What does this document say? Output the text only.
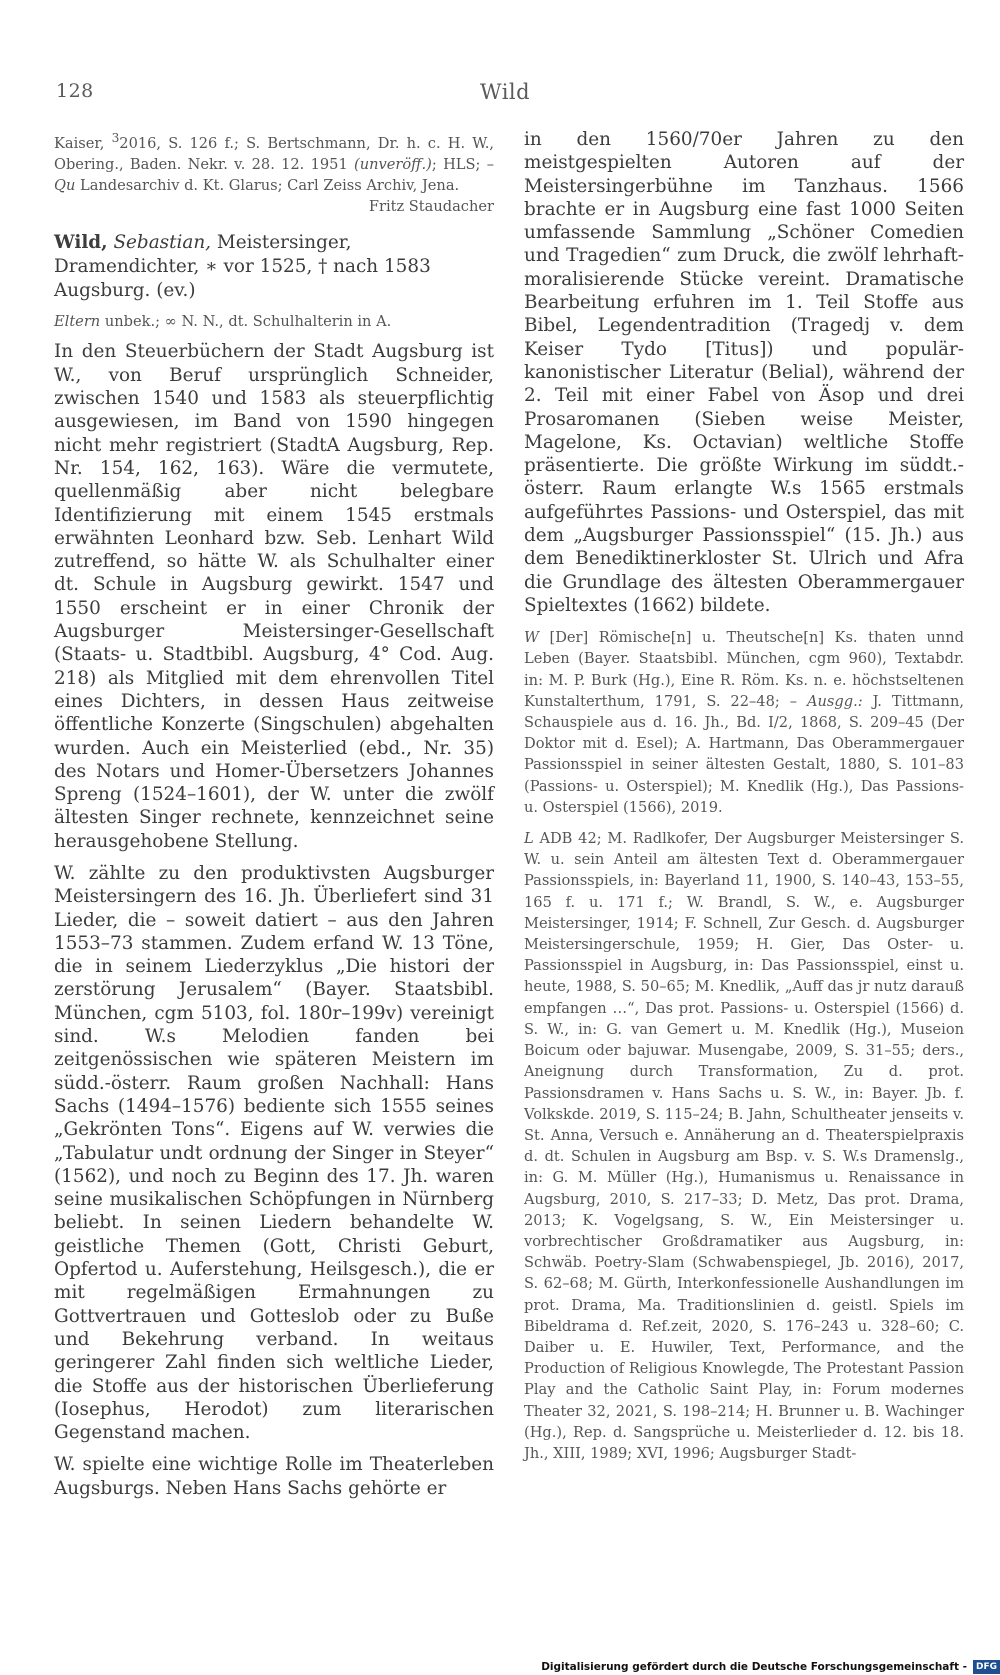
128	Wild

Kaiser, $^3$2016, S. 126 f.; S. Bertschmann, Dr. h. c. H. W., Obering., Baden. Nekr. v. 28. 12. 1951 (unveröff.); HLS; – Qu Landesarchiv d. Kt. Glarus; Carl Zeiss Archiv, Jena.

Fritz Staudacher

Wild, Sebastian, Meistersinger, Dramendichter, ∗ vor 1525, † nach 1583 Augsburg. (ev.)

Eltern unbek.; ∞ N. N., dt. Schulhalterin in A.

In den Steuerbüchern der Stadt Augsburg ist W., von Beruf ursprünglich Schneider, zwischen 1540 und 1583 als steuerpflichtig ausgewiesen, im Band von 1590 hingegen nicht mehr registriert (StadtA Augsburg, Rep. Nr. 154, 162, 163). Wäre die vermutete, quellenmäßig aber nicht belegbare Identifizierung mit einem 1545 erstmals erwähnten Leonhard bzw. Seb. Lenhart Wild zutreffend, so hätte W. als Schulhalter einer dt. Schule in Augsburg gewirkt. 1547 und 1550 erscheint er in einer Chronik der Augsburger Meistersinger-Gesellschaft (Staats- u. Stadtbibl. Augsburg, 4° Cod. Aug. 218) als Mitglied mit dem ehrenvollen Titel eines Dichters, in dessen Haus zeitweise öffentliche Konzerte (Singschulen) abgehalten wurden. Auch ein Meisterlied (ebd., Nr. 35) des Notars und Homer-Übersetzers Johannes Spreng (1524–1601), der W. unter die zwölf ältesten Singer rechnete, kennzeichnet seine herausgehobene Stellung.

W. zählte zu den produktivsten Augsburger Meistersingern des 16. Jh. Überliefert sind 31 Lieder, die – soweit datiert – aus den Jahren 1553–73 stammen. Zudem erfand W. 13 Töne, die in seinem Liederzyklus „Die histori der zerstörung Jerusalem“ (Bayer. Staatsbibl. München, cgm 5103, fol. 180r–199v) vereinigt sind. W.s Melodien fanden bei zeitgenössischen wie späteren Meistern im südd.-österr. Raum großen Nachhall: Hans Sachs (1494–1576) bediente sich 1555 seines „Gekrönten Tons“. Eigens auf W. verwies die „Tabulatur undt ordnung der Singer in Steyer“ (1562), und noch zu Beginn des 17. Jh. waren seine musikalischen Schöpfungen in Nürnberg beliebt. In seinen Liedern behandelte W. geistliche Themen (Gott, Christi Geburt, Opfertod u. Auferstehung, Heilsgesch.), die er mit regelmäßigen Ermahnungen zu Gottvertrauen und Gotteslob oder zu Buße und Bekehrung verband. In weitaus geringerer Zahl finden sich weltliche Lieder, die Stoffe aus der historischen Überlieferung (Iosephus, Herodot) zum literarischen Gegenstand machen.

W. spielte eine wichtige Rolle im Theaterleben Augsburgs. Neben Hans Sachs gehörte er

in den 1560/70er Jahren zu den meistgespielten Autoren auf der Meistersingerbühne im Tanzhaus. 1566 brachte er in Augsburg eine fast 1000 Seiten umfassende Sammlung „Schöner Comedien und Tragedien“ zum Druck, die zwölf lehrhaft-moralisierende Stücke vereint. Dramatische Bearbeitung erfuhren im 1. Teil Stoffe aus Bibel, Legendentradition (Tragedj v. dem Keiser Tydo [Titus]) und populär-kanonistischer Literatur (Belial), während der 2. Teil mit einer Fabel von Äsop und drei Prosaromanen (Sieben weise Meister, Magelone, Ks. Octavian) weltliche Stoffe präsentierte. Die größte Wirkung im süddt.-österr. Raum erlangte W.s 1565 erstmals aufgeführtes Passions- und Osterspiel, das mit dem „Augsburger Passionsspiel“ (15. Jh.) aus dem Benediktinerkloster St. Ulrich und Afra die Grundlage des ältesten Oberammergauer Spieltextes (1662) bildete.

W [Der] Römische[n] u. Theutsche[n] Ks. thaten unnd Leben (Bayer. Staatsbibl. München, cgm 960), Textabdr. in: M. P. Burk (Hg.), Eine R. Röm. Ks. n. e. höchstseltenen Kunstalterthum, 1791, S. 22–48; – Ausgg.: J. Tittmann, Schauspiele aus d. 16. Jh., Bd. I/2, 1868, S. 209–45 (Der Doktor mit d. Esel); A. Hartmann, Das Oberammergauer Passionsspiel in seiner ältesten Gestalt, 1880, S. 101–83 (Passions- u. Osterspiel); M. Knedlik (Hg.), Das Passions- u. Osterspiel (1566), 2019.

L ADB 42; M. Radlkofer, Der Augsburger Meistersinger S. W. u. sein Anteil am ältesten Text d. Oberammergauer Passionsspiels, in: Bayerland 11, 1900, S. 140–43, 153–55, 165 f. u. 171 f.; W. Brandl, S. W., e. Augsburger Meistersinger, 1914; F. Schnell, Zur Gesch. d. Augsburger Meistersingerschule, 1959; H. Gier, Das Oster- u. Passionsspiel in Augsburg, in: Das Passionsspiel, einst u. heute, 1988, S. 50–65; M. Knedlik, „Auff das jr nutz darauß empfangen …“, Das prot. Passions- u. Osterspiel (1566) d. S. W., in: G. van Gemert u. M. Knedlik (Hg.), Museion Boicum oder bajuwar. Musengabe, 2009, S. 31–55; ders., Aneignung durch Transformation, Zu d. prot. Passionsdramen v. Hans Sachs u. S. W., in: Bayer. Jb. f. Volkskde. 2019, S. 115–24; B. Jahn, Schultheater jenseits v. St. Anna, Versuch e. Annäherung an d. Theaterspielpraxis d. dt. Schulen in Augsburg am Bsp. v. S. W.s Dramenslg., in: G. M. Müller (Hg.), Humanismus u. Renaissance in Augsburg, 2010, S. 217–33; D. Metz, Das prot. Drama, 2013; K. Vogelgsang, S. W., Ein Meistersinger u. vorbrechtischer Großdramatiker aus Augsburg, in: Schwäb. Poetry-Slam (Schwabenspiegel, Jb. 2016), 2017, S. 62–68; M. Gürth, Interkonfessionelle Aushandlungen im prot. Drama, Ma. Traditionslinien d. geistl. Spiels im Bibeldrama d. Ref.zeit, 2020, S. 176–243 u. 328–60; C. Daiber u. E. Huwiler, Text, Performance, and the Production of Religious Knowlegde, The Protestant Passion Play and the Catholic Saint Play, in: Forum modernes Theater 32, 2021, S. 198–214; H. Brunner u. B. Wachinger (Hg.), Rep. d. Sangsprüche u. Meisterlieder d. 12. bis 18. Jh., XIII, 1989; XVI, 1996; Augsburger Stadt-

Digitalisierung gefördert durch die Deutsche Forschungsgemeinschaft -	DFG
